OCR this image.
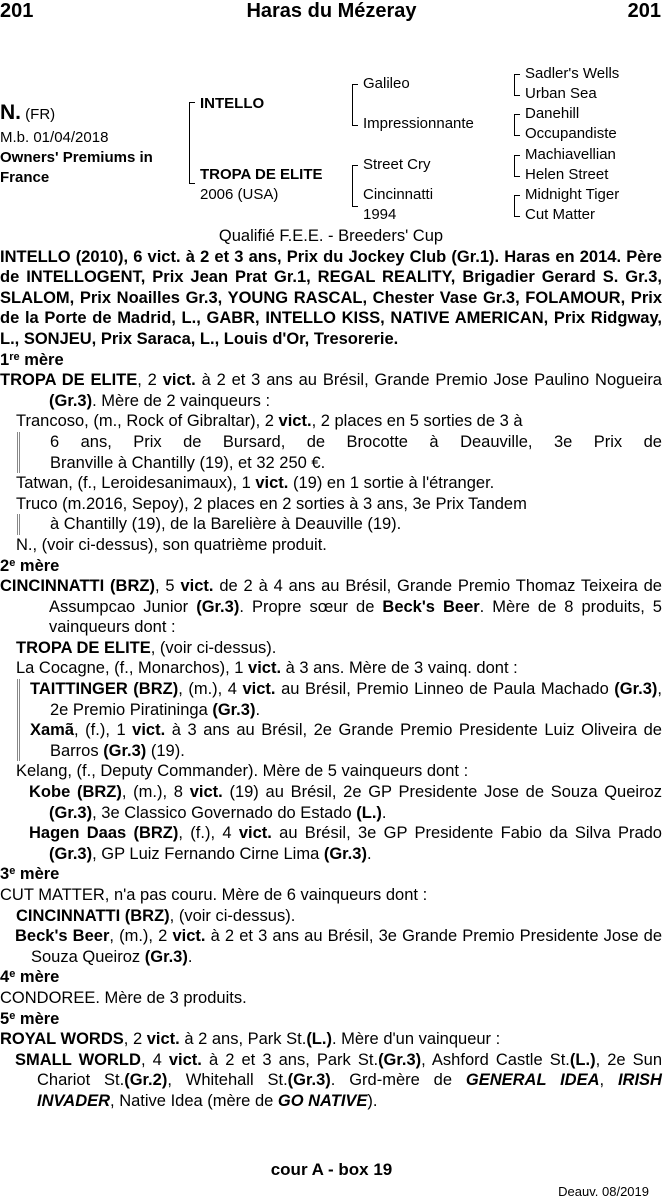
201	Haras du Mézeray	201
N. (FR)
M.b. 01/04/2018
Owners' Premiums in
France
INTELLO
TROPA DE ELITE
2006 (USA)
Galileo
Impressionnante
Street Cry
Cincinnatti
1994
Sadler's Wells
Urban Sea
Danehill
Occupandiste
Machiavellian
Helen Street
Midnight Tiger
Cut Matter

Qualifié F.E.E. - Breeders' Cup

INTELLO (2010), 6 vict. à 2 et 3 ans, Prix du Jockey Club (Gr.1). Haras en 2014. Père de INTELLOGENT, Prix Jean Prat Gr.1, REGAL REALITY, Brigadier Gerard S. Gr.3, SLALOM, Prix Noailles Gr.3, YOUNG RASCAL, Chester Vase Gr.3, FOLAMOUR, Prix de la Porte de Madrid, L., GABR, INTELLO KISS, NATIVE AMERICAN, Prix Ridgway, L., SONJEU, Prix Saraca, L., Louis d'Or, Tresorerie.

1re mère

TROPA DE ELITE, 2 vict. à 2 et 3 ans au Brésil, Grande Premio Jose Paulino Nogueira (Gr.3). Mère de 2 vainqueurs :

Trancoso, (m., Rock of Gibraltar), 2 vict., 2 places en 5 sorties de 3 à

6 ans, Prix de Bursard, de Brocotte à Deauville, 3e Prix de

Branville à Chantilly (19), et 32 250 €.

Tatwan, (f., Leroidesanimaux), 1 vict. (19) en 1 sortie à l'étranger.

Truco (m.2016, Sepoy), 2 places en 2 sorties à 3 ans, 3e Prix Tandem

à Chantilly (19), de la Barelière à Deauville (19).

N., (voir ci-dessus), son quatrième produit.

2e mère

CINCINNATTI (BRZ), 5 vict. de 2 à 4 ans au Brésil, Grande Premio Thomaz Teixeira de Assumpcao Junior (Gr.3). Propre sœur de Beck's Beer. Mère de 8 produits, 5 vainqueurs dont :

TROPA DE ELITE, (voir ci-dessus).

La Cocagne, (f., Monarchos), 1 vict. à 3 ans. Mère de 3 vainq. dont :

TAITTINGER (BRZ), (m.), 4 vict. au Brésil, Premio Linneo de Paula Machado (Gr.3), 2e Premio Piratininga (Gr.3).

Xamã, (f.), 1 vict. à 3 ans au Brésil, 2e Grande Premio Presidente Luiz Oliveira de Barros (Gr.3) (19).

Kelang, (f., Deputy Commander). Mère de 5 vainqueurs dont :

Kobe (BRZ), (m.), 8 vict. (19) au Brésil, 2e GP Presidente Jose de Souza Queiroz (Gr.3), 3e Classico Governado do Estado (L.).

Hagen Daas (BRZ), (f.), 4 vict. au Brésil, 3e GP Presidente Fabio da Silva Prado (Gr.3), GP Luiz Fernando Cirne Lima (Gr.3).

3e mère

CUT MATTER, n'a pas couru. Mère de 6 vainqueurs dont :

CINCINNATTI (BRZ), (voir ci-dessus).

Beck's Beer, (m.), 2 vict. à 2 et 3 ans au Brésil, 3e Grande Premio Presidente Jose de Souza Queiroz (Gr.3).

4e mère

CONDOREE. Mère de 3 produits.

5e mère

ROYAL WORDS, 2 vict. à 2 ans, Park St.(L.). Mère d'un vainqueur :

SMALL WORLD, 4 vict. à 2 et 3 ans, Park St.(Gr.3), Ashford Castle St.(L.), 2e Sun Chariot St.(Gr.2), Whitehall St.(Gr.3). Grd-mère de GENERAL IDEA, IRISH INVADER, Native Idea (mère de GO NATIVE).

cour A - box 19
Deauv. 08/2019
